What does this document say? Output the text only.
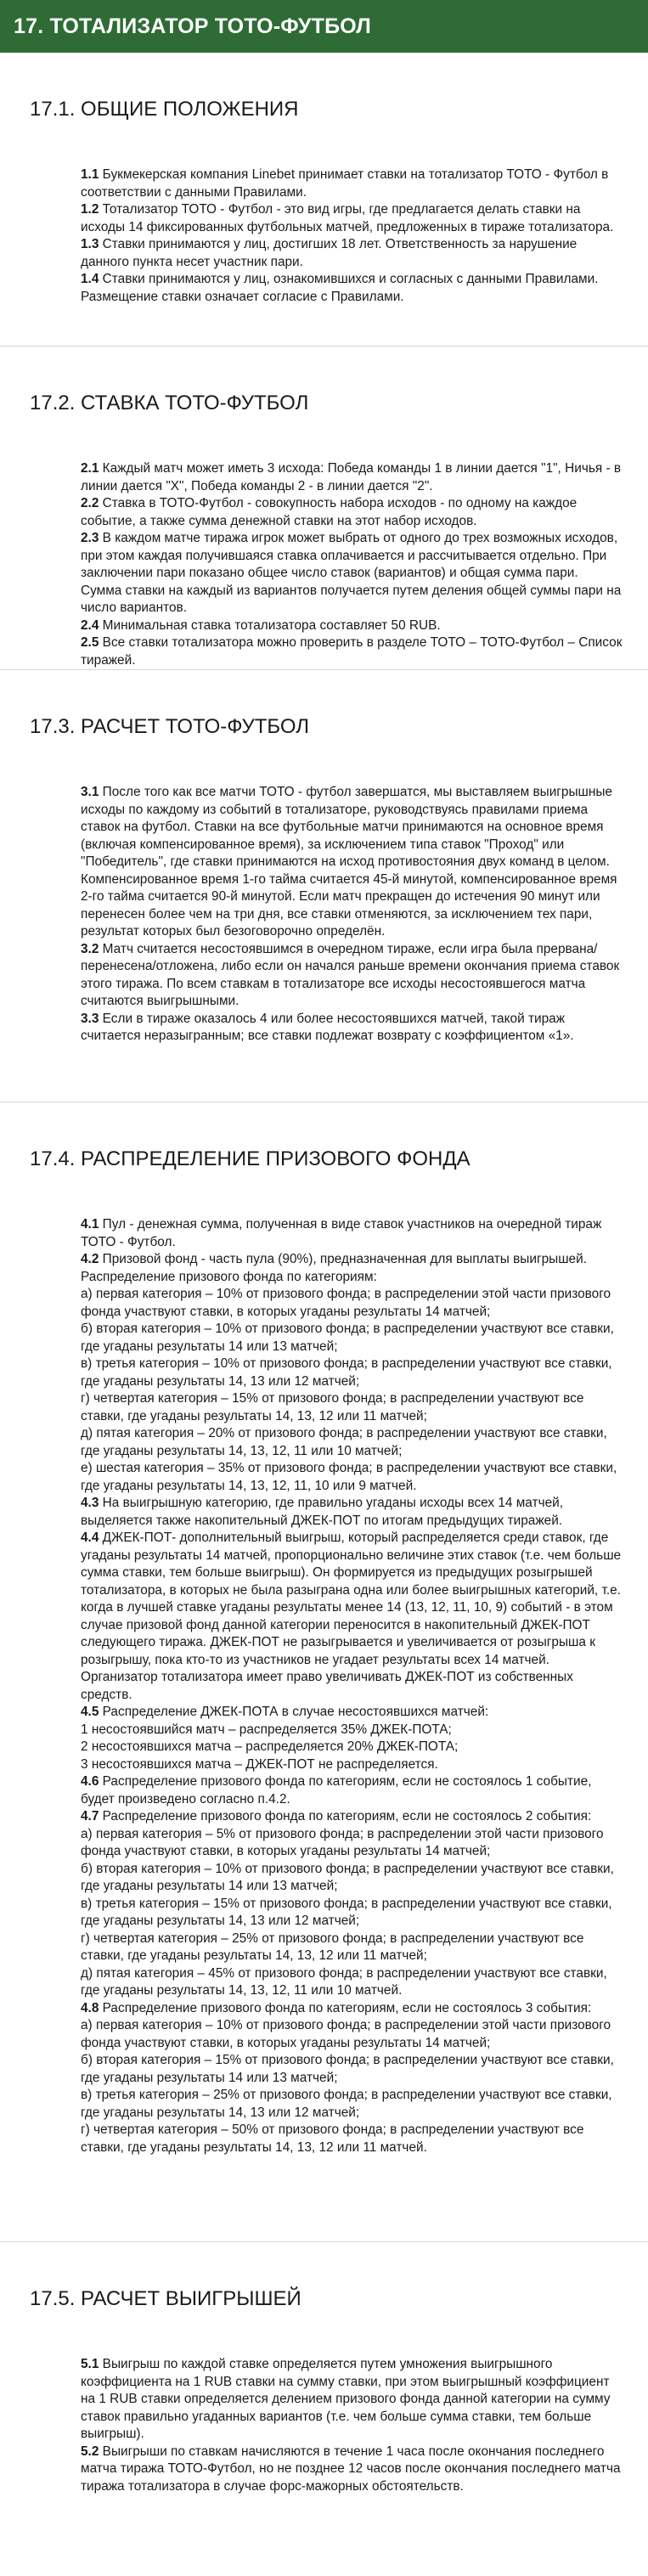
17. ТОТАЛИЗАТОР ТОТО-ФУТБОЛ
17.1. ОБЩИЕ ПОЛОЖЕНИЯ

1.1 Букмекерская компания Linebet принимает ставки на тотализатор ТОТО - Футбол в соответствии с данными Правилами.

1.2 Тотализатор ТОТО - Футбол - это вид игры, где предлагается делать ставки на исходы 14 фиксированных футбольных матчей, предложенных в тираже тотализатора.

1.3 Ставки принимаются у лиц, достигших 18 лет. Ответственность за нарушение данного пункта несет участник пари.

1.4 Ставки принимаются у лиц, ознакомившихся и согласных с данными Правилами. Размещение ставки означает согласие с Правилами.

17.2. СТАВКА ТОТО-ФУТБОЛ

2.1 Каждый матч может иметь 3 исхода: Победа команды 1 в линии дается "1", Ничья - в линии дается "X", Победа команды 2 - в линии дается "2".

2.2 Ставка в ТОТО-Футбол - совокупность набора исходов - по одному на каждое событие, а также сумма денежной ставки на этот набор исходов.

2.3 В каждом матче тиража игрок может выбрать от одного до трех возможных исходов, при этом каждая получившаяся ставка оплачивается и рассчитывается отдельно. При заключении пари показано общее число ставок (вариантов) и общая сумма пари. Сумма ставки на каждый из вариантов получается путем деления общей суммы пари на число вариантов.

2.4 Минимальная ставка тотализатора составляет 50 RUB.

2.5 Все ставки тотализатора можно проверить в разделе ТОТО – ТОТО-Футбол – Список тиражей.

17.3. РАСЧЕТ ТОТО-ФУТБОЛ

3.1 После того как все матчи ТОТО - футбол завершатся, мы выставляем выигрышные исходы по каждому из событий в тотализаторе, руководствуясь правилами приема ставок на футбол. Ставки на все футбольные матчи принимаются на основное время (включая компенсированное время), за исключением типа ставок "Проход" или "Победитель", где ставки принимаются на исход противостояния двух команд в целом. Компенсированное время 1-го тайма считается 45-й минутой, компенсированное время 2-го тайма считается 90-й минутой. Если матч прекращен до истечения 90 минут или перенесен более чем на три дня, все ставки отменяются, за исключением тех пари, результат которых был безоговорочно определён.

3.2 Матч считается несостоявшимся в очередном тираже, если игра была прервана/перенесена/отложена, либо если он начался раньше времени окончания приема ставок этого тиража. По всем ставкам в тотализаторе все исходы несостоявшегося матча считаются выигрышными.

3.3 Если в тираже оказалось 4 или более несостоявшихся матчей, такой тираж считается неразыгранным; все ставки подлежат возврату с коэффициентом «1».

17.4. РАСПРЕДЕЛЕНИЕ ПРИЗОВОГО ФОНДА

4.1 Пул - денежная сумма, полученная в виде ставок участников на очередной тираж ТОТО - Футбол.

4.2 Призовой фонд - часть пула (90%), предназначенная для выплаты выигрышей.

Распределение призового фонда по категориям:

а) первая категория – 10% от призового фонда; в распределении этой части призового фонда участвуют ставки, в которых угаданы результаты 14 матчей;

б) вторая категория – 10% от призового фонда; в распределении участвуют все ставки, где угаданы результаты 14 или 13 матчей;

в) третья категория – 10% от призового фонда; в распределении участвуют все ставки, где угаданы результаты 14, 13 или 12 матчей;

г) четвертая категория – 15% от призового фонда; в распределении участвуют все ставки, где угаданы результаты 14, 13, 12 или 11 матчей;

д) пятая категория – 20% от призового фонда; в распределении участвуют все ставки, где угаданы результаты 14, 13, 12, 11 или 10 матчей;

е) шестая категория – 35% от призового фонда; в распределении участвуют все ставки, где угаданы результаты 14, 13, 12, 11, 10 или 9 матчей.

4.3 На выигрышную категорию, где правильно угаданы исходы всех 14 матчей, выделяется также накопительный ДЖЕК-ПОТ по итогам предыдущих тиражей.

4.4 ДЖЕК-ПОТ- дополнительный выигрыш, который распределяется среди ставок, где угаданы результаты 14 матчей, пропорционально величине этих ставок (т.е. чем больше сумма ставки, тем больше выигрыш). Он формируется из предыдущих розыгрышей тотализатора, в которых не была разыграна одна или более выигрышных категорий, т.е. когда в лучшей ставке угаданы результаты менее 14 (13, 12, 11, 10, 9) событий - в этом случае призовой фонд данной категории переносится в накопительный ДЖЕК-ПОТ следующего тиража. ДЖЕК-ПОТ не разыгрывается и увеличивается от розыгрыша к розыгрышу, пока кто-то из участников не угадает результаты всех 14 матчей. Организатор тотализатора имеет право увеличивать ДЖЕК-ПОТ из собственных средств.

4.5 Распределение ДЖЕК-ПОТА в случае несостоявшихся матчей:

1 несостоявшийся матч – распределяется 35% ДЖЕК-ПОТА;

2 несостоявшихся матча – распределяется 20% ДЖЕК-ПОТА;

3 несостоявшихся матча – ДЖЕК-ПОТ не распределяется.

4.6 Распределение призового фонда по категориям, если не состоялось 1 событие, будет произведено согласно п.4.2.

4.7 Распределение призового фонда по категориям, если не состоялось 2 события:

а) первая категория – 5% от призового фонда; в распределении этой части призового фонда участвуют ставки, в которых угаданы результаты 14 матчей;

б) вторая категория – 10% от призового фонда; в распределении участвуют все ставки, где угаданы результаты 14 или 13 матчей;

в) третья категория – 15% от призового фонда; в распределении участвуют все ставки, где угаданы результаты 14, 13 или 12 матчей;

г) четвертая категория – 25% от призового фонда; в распределении участвуют все ставки, где угаданы результаты 14, 13, 12 или 11 матчей;

д) пятая категория – 45% от призового фонда; в распределении участвуют все ставки, где угаданы результаты 14, 13, 12, 11 или 10 матчей.

4.8 Распределение призового фонда по категориям, если не состоялось 3 события:

а) первая категория – 10% от призового фонда; в распределении этой части призового фонда участвуют ставки, в которых угаданы результаты 14 матчей;

б) вторая категория – 15% от призового фонда; в распределении участвуют все ставки, где угаданы результаты 14 или 13 матчей;

в) третья категория – 25% от призового фонда; в распределении участвуют все ставки, где угаданы результаты 14, 13 или 12 матчей;

г) четвертая категория – 50% от призового фонда; в распределении участвуют все ставки, где угаданы результаты 14, 13, 12 или 11 матчей.

17.5. РАСЧЕТ ВЫИГРЫШЕЙ

5.1 Выигрыш по каждой ставке определяется путем умножения выигрышного коэффициента на 1 RUB ставки на сумму ставки, при этом выигрышный коэффициент на 1 RUB ставки определяется делением призового фонда данной категории на сумму ставок правильно угаданных вариантов (т.е. чем больше сумма ставки, тем больше выигрыш).

5.2 Выигрыши по ставкам начисляются в течение 1 часа после окончания последнего матча тиража ТОТО-Футбол, но не позднее 12 часов после окончания последнего матча тиража тотализатора в случае форс-мажорных обстоятельств.
